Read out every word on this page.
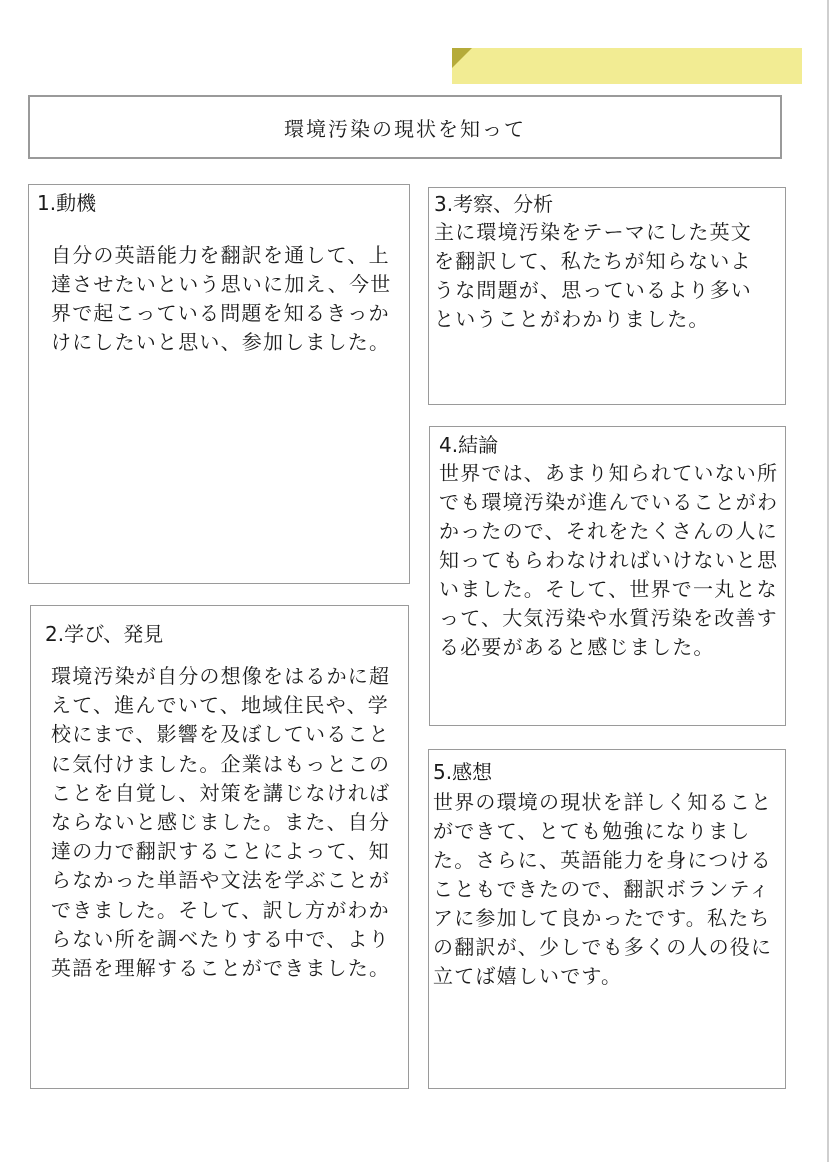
環境汚染の現状を知って
1.動機
自分の英語能力を翻訳を通して、上達させたいという思いに加え、今世界で起こっている問題を知るきっかけにしたいと思い、参加しました。
2.学び、発見
環境汚染が自分の想像をはるかに超えて、進んでいて、地域住民や、学校にまで、影響を及ぼしていることに気付けました。企業はもっとこのことを自覚し、対策を講じなければならないと感じました。また、自分達の力で翻訳することによって、知らなかった単語や文法を学ぶことができました。そして、訳し方がわからない所を調べたりする中で、より英語を理解することができました。
3.考察、分析
主に環境汚染をテーマにした英文を翻訳して、私たちが知らないような問題が、思っているより多いということがわかりました。
4.結論
世界では、あまり知られていない所でも環境汚染が進んでいることがわかったので、それをたくさんの人に知ってもらわなければいけないと思いました。そして、世界で一丸となって、大気汚染や水質汚染を改善する必要があると感じました。
5.感想
世界の環境の現状を詳しく知ることができて、とても勉強になりました。さらに、英語能力を身につけることもできたので、翻訳ボランティアに参加して良かったです。私たちの翻訳が、少しでも多くの人の役に立てば嬉しいです。
